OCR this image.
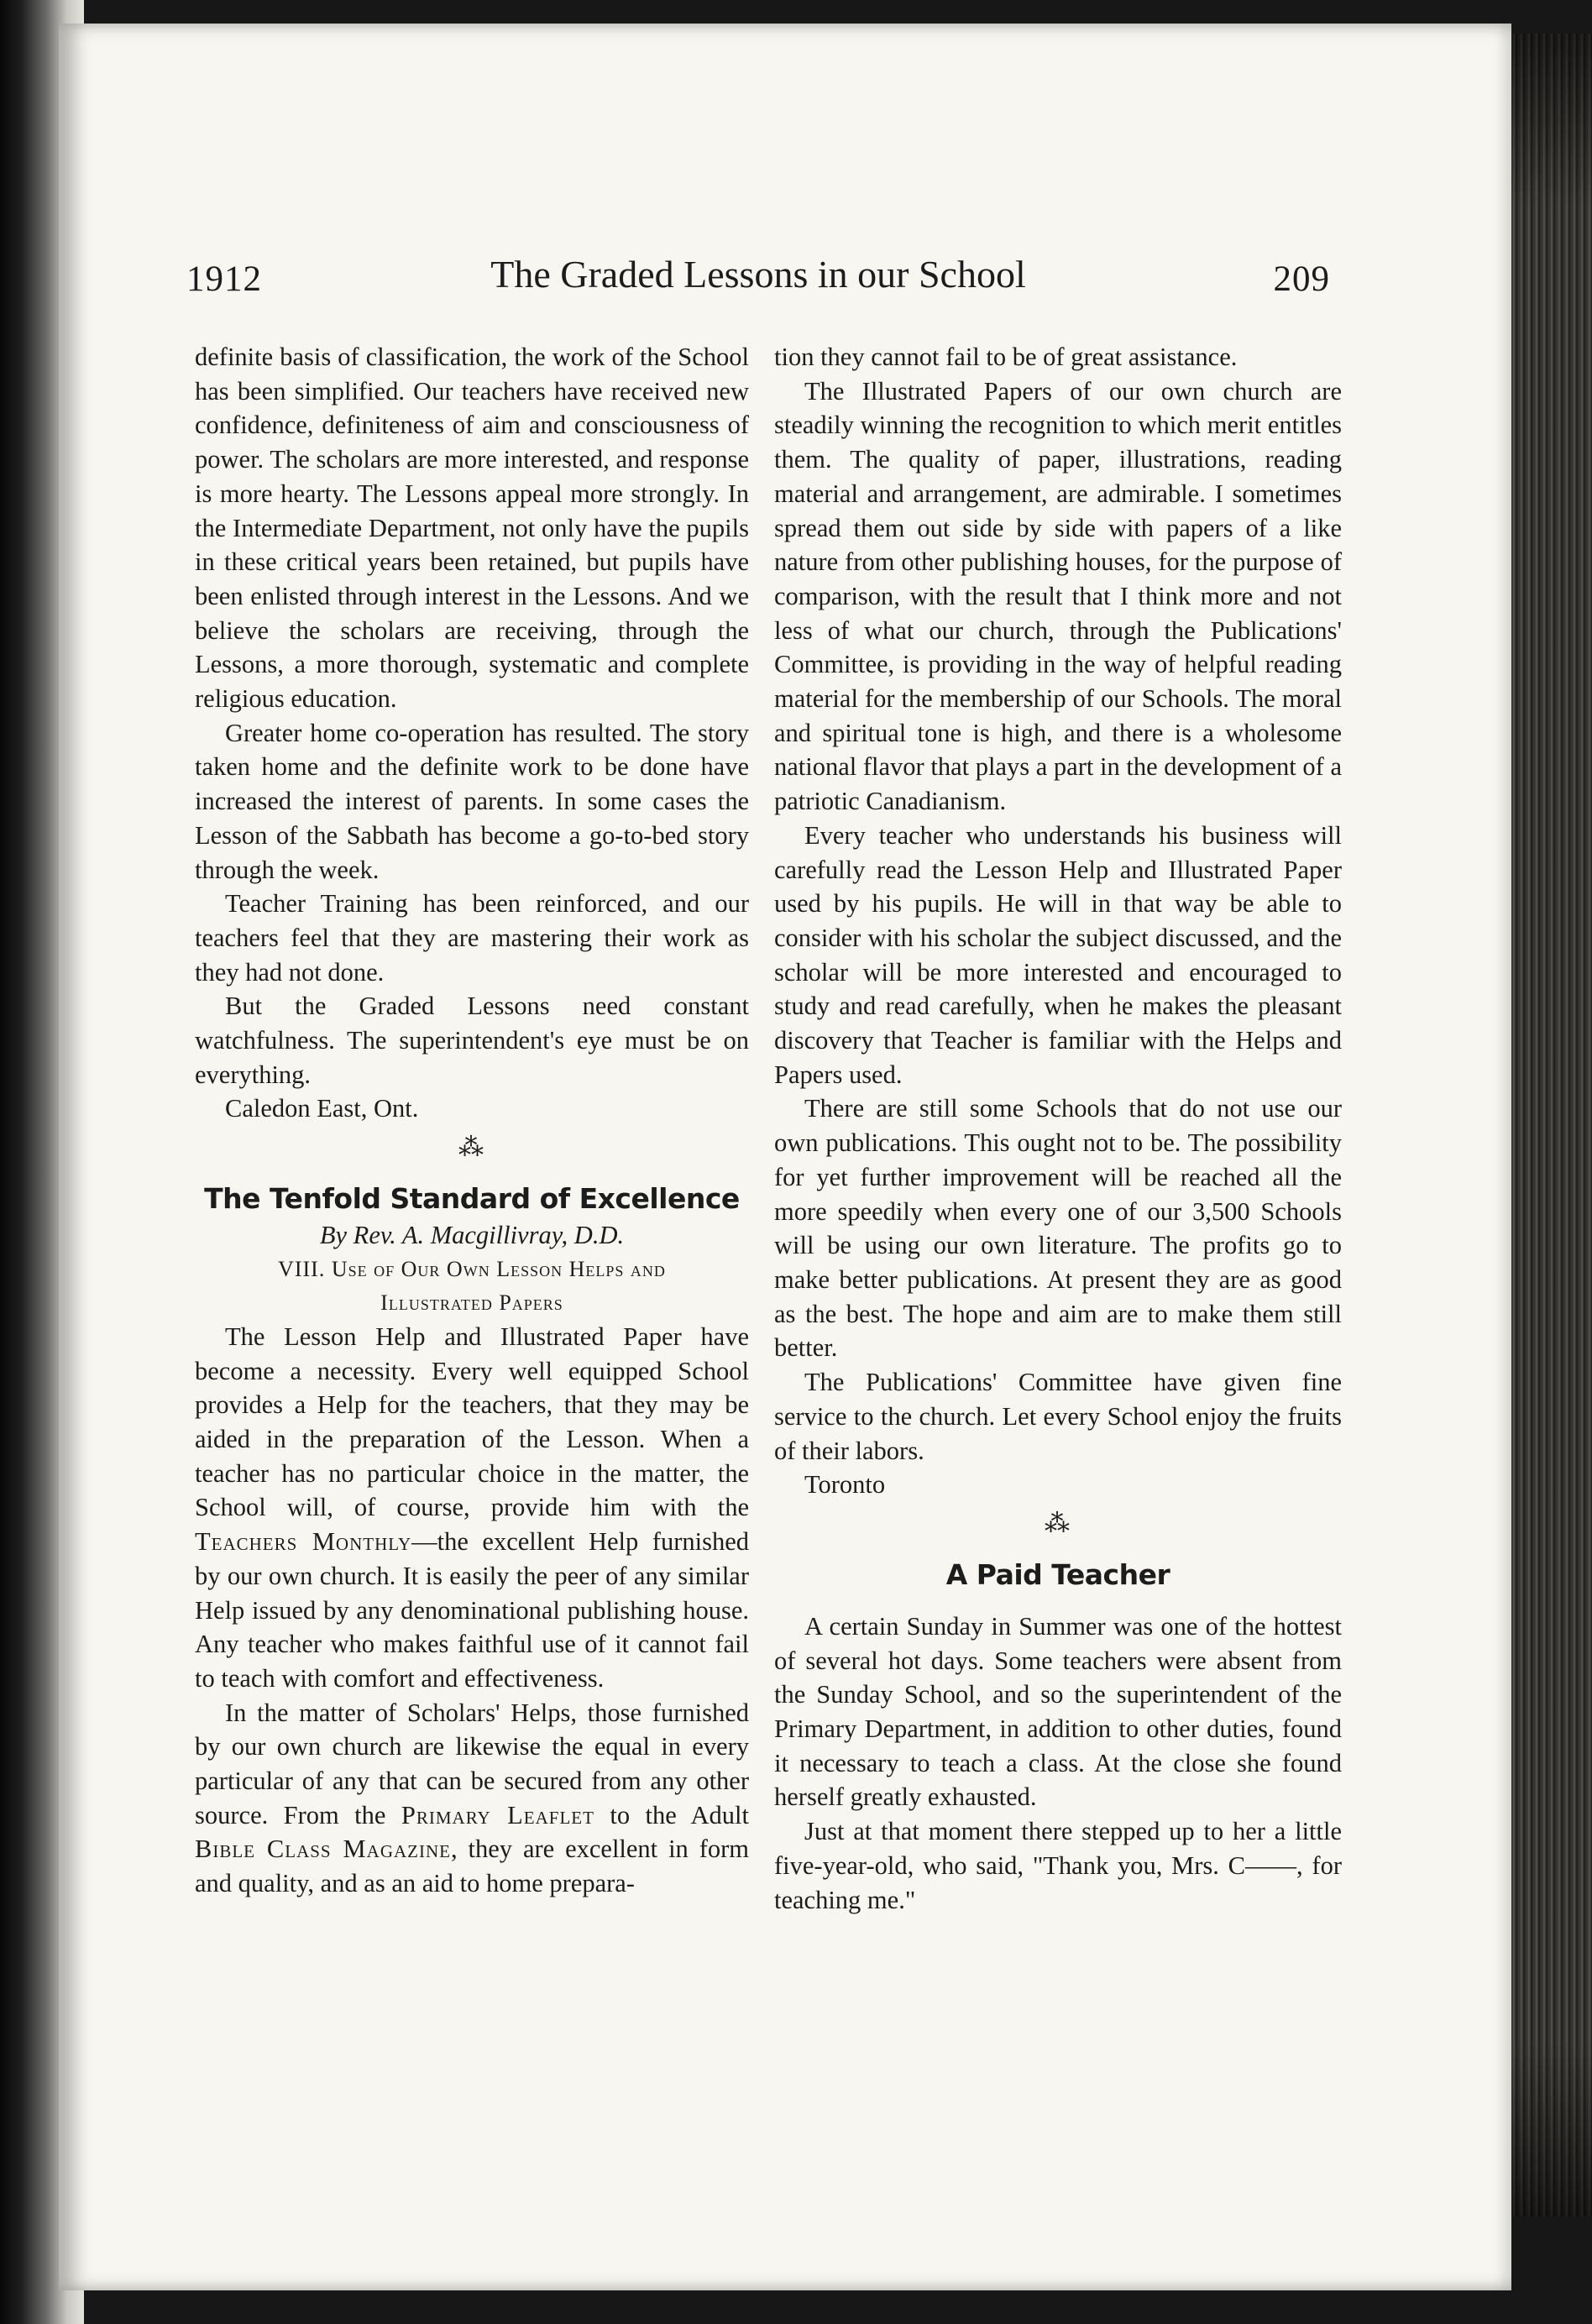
1912	The Graded Lessons in our School	209

definite basis of classification, the work of the School has been simplified. Our teachers have received new confidence, definiteness of aim and consciousness of power. The scholars are more interested, and response is more hearty. The Lessons appeal more strongly. In the Intermediate Department, not only have the pupils in these critical years been retained, but pupils have been enlisted through interest in the Lessons. And we believe the scholars are receiving, through the Lessons, a more thorough, systematic and complete religious education.

Greater home co-operation has resulted. The story taken home and the definite work to be done have increased the interest of parents. In some cases the Lesson of the Sabbath has become a go-to-bed story through the week.

Teacher Training has been reinforced, and our teachers feel that they are mastering their work as they had not done.

But the Graded Lessons need constant watchfulness. The superintendent's eye must be on everything.

Caledon East, Ont.

⁂
The Tenfold Standard of Excellence
By Rev. A. Macgillivray, D.D.
VIII. Use of Our Own Lesson Helps and
Illustrated Papers

The Lesson Help and Illustrated Paper have become a necessity. Every well equipped School provides a Help for the teachers, that they may be aided in the preparation of the Lesson. When a teacher has no particular choice in the matter, the School will, of course, provide him with the Teachers Monthly—the excellent Help furnished by our own church. It is easily the peer of any similar Help issued by any denominational publishing house. Any teacher who makes faithful use of it cannot fail to teach with comfort and effectiveness.

In the matter of Scholars' Helps, those furnished by our own church are likewise the equal in every particular of any that can be secured from any other source. From the Primary Leaflet to the Adult Bible Class Magazine, they are excellent in form and quality, and as an aid to home prepara-

tion they cannot fail to be of great assistance.

The Illustrated Papers of our own church are steadily winning the recognition to which merit entitles them. The quality of paper, illustrations, reading material and arrangement, are admirable. I sometimes spread them out side by side with papers of a like nature from other publishing houses, for the purpose of comparison, with the result that I think more and not less of what our church, through the Publications' Committee, is providing in the way of helpful reading material for the membership of our Schools. The moral and spiritual tone is high, and there is a wholesome national flavor that plays a part in the development of a patriotic Canadianism.

Every teacher who understands his business will carefully read the Lesson Help and Illustrated Paper used by his pupils. He will in that way be able to consider with his scholar the subject discussed, and the scholar will be more interested and encouraged to study and read carefully, when he makes the pleasant discovery that Teacher is familiar with the Helps and Papers used.

There are still some Schools that do not use our own publications. This ought not to be. The possibility for yet further improvement will be reached all the more speedily when every one of our 3,500 Schools will be using our own literature. The profits go to make better publications. At present they are as good as the best. The hope and aim are to make them still better.

The Publications' Committee have given fine service to the church. Let every School enjoy the fruits of their labors.

Toronto

⁂
A Paid Teacher

A certain Sunday in Summer was one of the hottest of several hot days. Some teachers were absent from the Sunday School, and so the superintendent of the Primary Department, in addition to other duties, found it necessary to teach a class. At the close she found herself greatly exhausted.

Just at that moment there stepped up to her a little five-year-old, who said, "Thank you, Mrs. C——, for teaching me."
